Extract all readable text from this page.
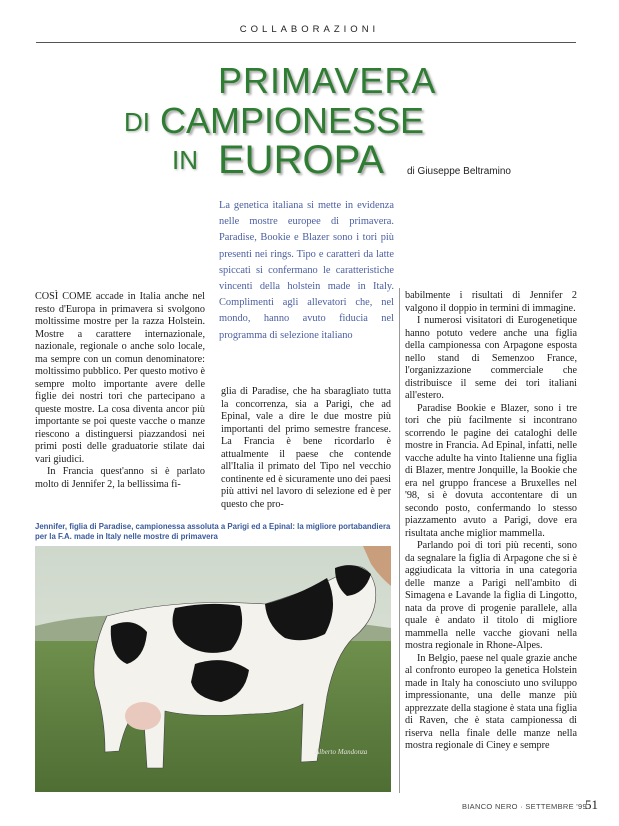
COLLABORAZIONI
PRIMAVERA
DI CAMPIONESSE
IN EUROPA di Giuseppe Beltramino
La genetica italiana si mette in evidenza nelle mostre europee di primavera. Paradise, Bookie e Blazer sono i tori più presenti nei rings. Tipo e caratteri da latte spiccati si confermano le caratteristiche vincenti della holstein made in Italy. Complimenti agli allevatori che, nel mondo, hanno avuto fiducia nel programma di selezione italiano

COSÌ COME accade in Italia anche nel resto d'Europa in primavera si svolgono moltissime mostre per la razza Holstein. Mostre a carattere internazionale, nazionale, regionale o anche solo locale, ma sempre con un comun denominatore: moltissimo pubblico. Per questo motivo è sempre molto importante avere delle figlie dei nostri tori che partecipano a queste mostre. La cosa diventa ancor più importante se poi queste vacche o manze riescono a distinguersi piazzandosi nei primi posti delle graduatorie stilate dai vari giudici.

In Francia quest'anno si è parlato molto di Jennifer 2, la bellissima fi-

glia di Paradise, che ha sbaragliato tutta la concorrenza, sia a Parigi, che ad Epinal, vale a dire le due mostre più importanti del primo semestre francese. La Francia è bene ricordarlo è attualmente il paese che contende all'Italia il primato del Tipo nel vecchio continente ed è sicuramente uno dei paesi più attivi nel lavoro di selezione ed è per questo che pro-

babilmente i risultati di Jennifer 2 valgono il doppio in termini di immagine.

I numerosi visitatori di Eurogenetique hanno potuto vedere anche una figlia della campionessa con Arpagone esposta nello stand di Semenzoo France, l'organizzazione commerciale che distribuisce il seme dei tori italiani all'estero.

Paradise Bookie e Blazer, sono i tre tori che più facilmente si incontrano scorrendo le pagine dei cataloghi delle mostre in Francia. Ad Epinal, infatti, nelle vacche adulte ha vinto Italienne una figlia di Blazer, mentre Jonquille, la Bookie che era nel gruppo francese a Bruxelles nel '98, si è dovuta accontentare di un secondo posto, confermando lo stesso piazzamento avuto a Parigi, dove era risultata anche miglior mammella.

Parlando poi di tori più recenti, sono da segnalare la figlia di Arpagone che si è aggiudicata la vittoria in una categoria delle manze a Parigi nell'ambito di Simagena e Lavande la figlia di Lingotto, nata da prove di progenie parallele, alla quale è andato il titolo di migliore mammella nelle vacche giovani nella mostra regionale in Rhone-Alpes.

In Belgio, paese nel quale grazie anche al confronto europeo la genetica Holstein made in Italy ha conosciuto uno sviluppo impressionante, una delle manze più apprezzate della stagione è stata una figlia di Raven, che è stata campionessa di riserva nella finale delle manze nella mostra regionale di Ciney e sempre

Jennifer, figlia di Paradise, campionessa assoluta a Parigi ed a Epinal: la migliore portabandiera per la F.A. made in Italy nelle mostre di primavera
Alberto Mandonza
BIANCO NERO · SETTEMBRE '99
51
